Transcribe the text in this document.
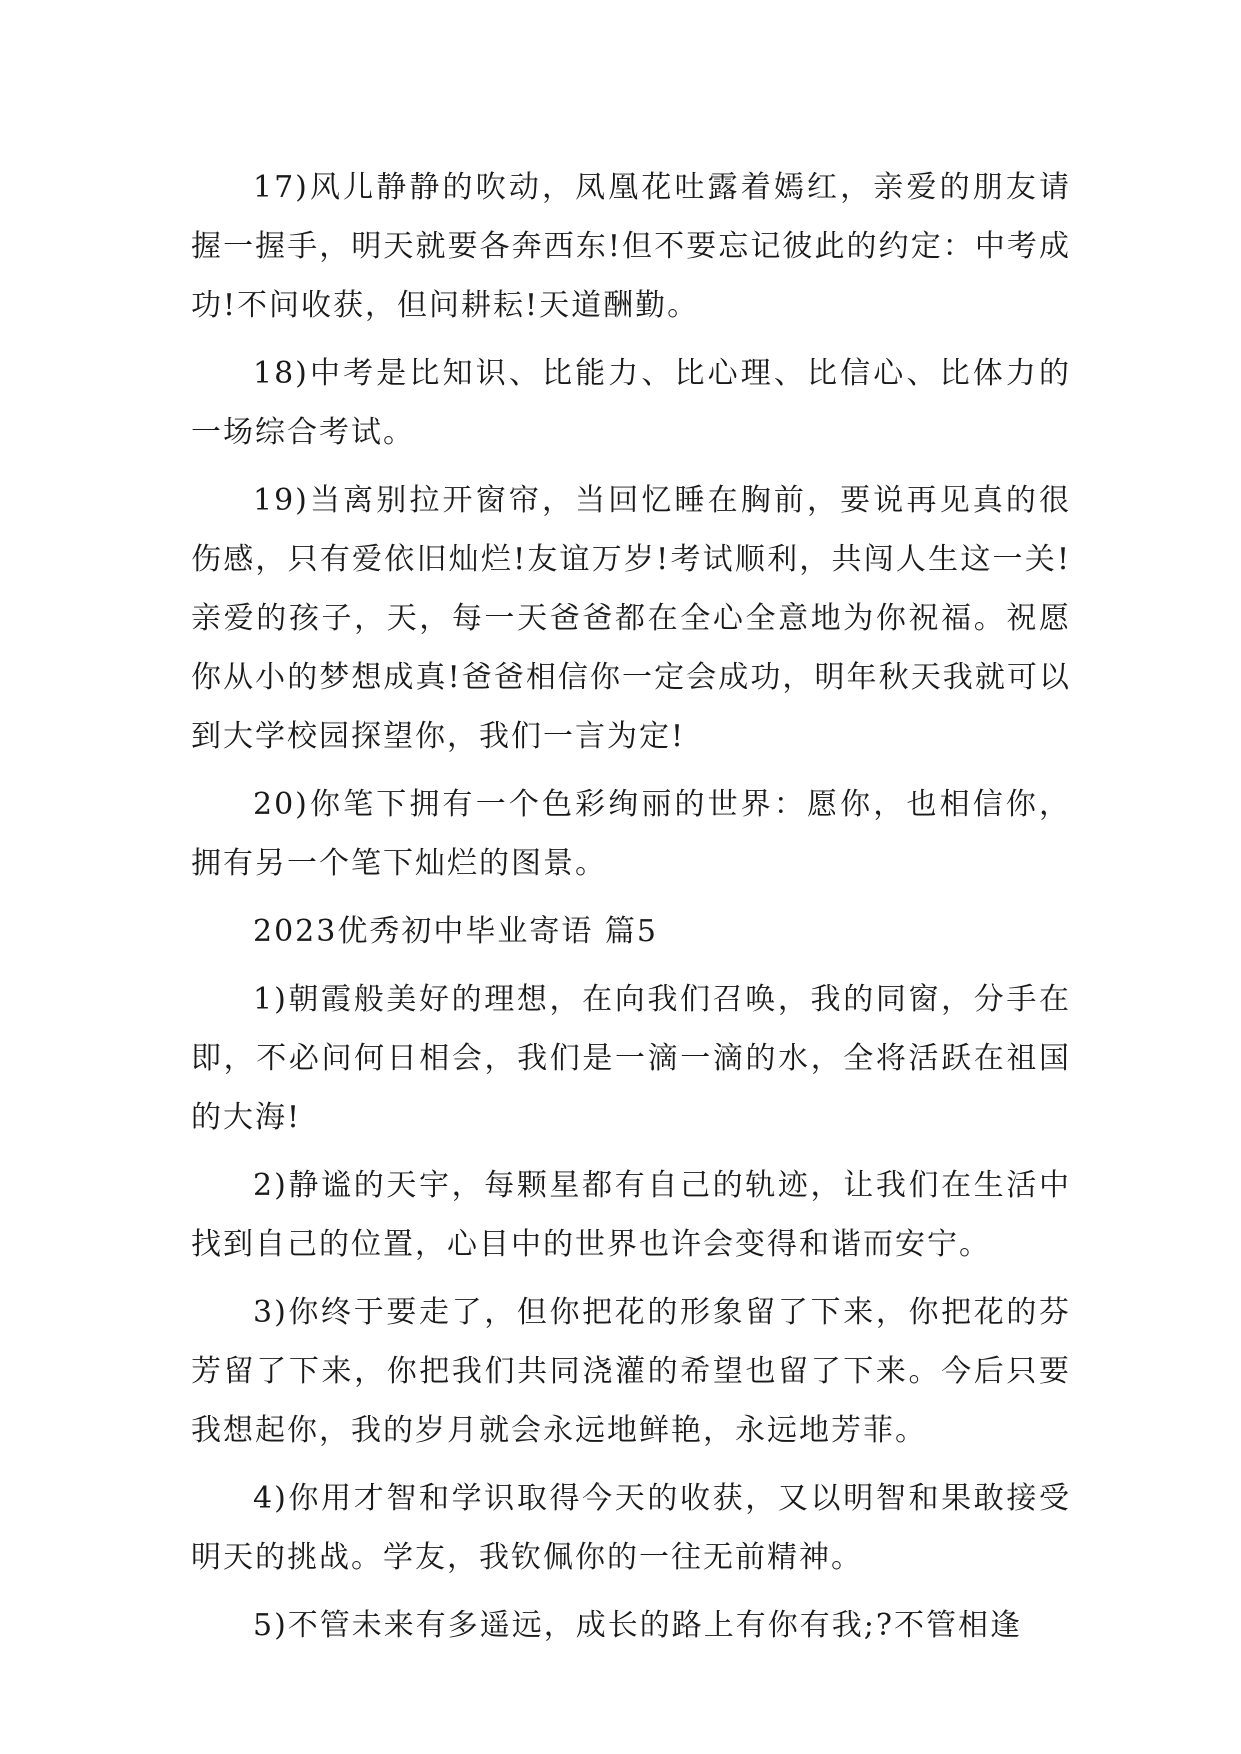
17)风儿静静的吹动，凤凰花吐露着嫣红，亲爱的朋友请握一握手，明天就要各奔西东!但不要忘记彼此的约定：中考成功!不问收获，但问耕耘!天道酬勤。

18)中考是比知识、比能力、比心理、比信心、比体力的一场综合考试。

19)当离别拉开窗帘，当回忆睡在胸前，要说再见真的很伤感，只有爱依旧灿烂!友谊万岁!考试顺利，共闯人生这一关!亲爱的孩子，天，每一天爸爸都在全心全意地为你祝福。祝愿你从小的梦想成真!爸爸相信你一定会成功，明年秋天我就可以到大学校园探望你，我们一言为定!

20)你笔下拥有一个色彩绚丽的世界：愿你，也相信你，拥有另一个笔下灿烂的图景。

2023优秀初中毕业寄语 篇5

1)朝霞般美好的理想，在向我们召唤，我的同窗，分手在即，不必问何日相会，我们是一滴一滴的水，全将活跃在祖国的大海!

2)静谧的天宇，每颗星都有自己的轨迹，让我们在生活中找到自己的位置，心目中的世界也许会变得和谐而安宁。

3)你终于要走了，但你把花的形象留了下来，你把花的芬芳留了下来，你把我们共同浇灌的希望也留了下来。今后只要我想起你，我的岁月就会永远地鲜艳，永远地芳菲。

4)你用才智和学识取得今天的收获，又以明智和果敢接受明天的挑战。学友，我钦佩你的一往无前精神。

5)不管未来有多遥远，成长的路上有你有我;?不管相逢
